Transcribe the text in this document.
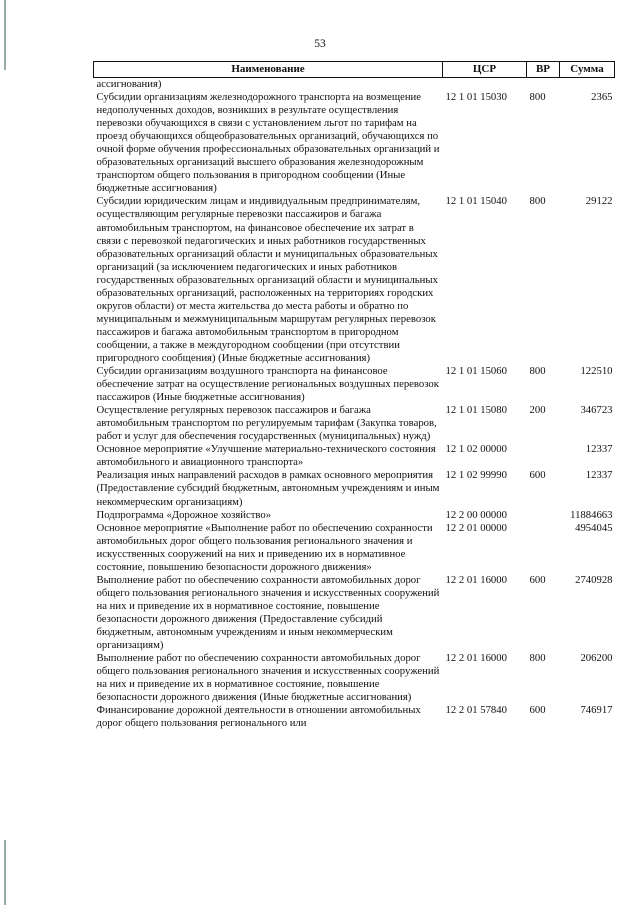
53
Наименование	ЦСР	ВР	Сумма
ассигнования)			
Субсидии организациям железнодорожного транспорта на возмещение недополученных доходов, возникших в результате осуществления перевозки обучающихся в связи с установлением льгот по тарифам на проезд обучающихся общеобразовательных организаций, обучающихся по очной форме обучения профессиональных образовательных организаций и образовательных организаций высшего образования железнодорожным транспортом общего пользования в пригородном сообщении (Иные бюджетные ассигнования)	12 1 01 15030	800	2365
Субсидии юридическим лицам и индивидуальным предпринимателям, осуществляющим регулярные перевозки пассажиров и багажа автомобильным транспортом, на финансовое обеспечение их затрат в связи с перевозкой педагогических и иных работников государственных образовательных организаций области и муниципальных образовательных организаций (за исключением педагогических и иных работников государственных образовательных организаций области и муниципальных образовательных организаций, расположенных на территориях городских округов области) от места жительства до места работы и обратно по муниципальным и межмуниципальным маршрутам регулярных перевозок пассажиров и багажа автомобильным транспортом в пригородном сообщении, а также в междугородном сообщении (при отсутствии пригородного сообщения) (Иные бюджетные ассигнования)	12 1 01 15040	800	29122
Субсидии организациям воздушного транспорта на финансовое обеспечение затрат на осуществление региональных воздушных перевозок пассажиров (Иные бюджетные ассигнования)	12 1 01 15060	800	122510
Осуществление регулярных перевозок пассажиров и багажа автомобильным транспортом по регулируемым тарифам (Закупка товаров, работ и услуг для обеспечения государственных (муниципальных) нужд)	12 1 01 15080	200	346723
Основное мероприятие «Улучшение материально-технического состояния автомобильного и авиационного транспорта»	12 1 02 00000		12337
Реализация иных направлений расходов в рамках основного мероприятия (Предоставление субсидий бюджетным, автономным учреждениям и иным некоммерческим организациям)	12 1 02 99990	600	12337
Подпрограмма «Дорожное хозяйство»	12 2 00 00000		11884663
Основное мероприятие «Выполнение работ по обеспечению сохранности автомобильных дорог общего пользования регионального значения и искусственных сооружений на них и приведению их в нормативное состояние, повышению безопасности дорожного движения»	12 2 01 00000		4954045
Выполнение работ по обеспечению сохранности автомобильных дорог общего пользования регионального значения и искусственных сооружений на них и приведение их в нормативное состояние, повышение безопасности дорожного движения (Предоставление субсидий бюджетным, автономным учреждениям и иным некоммерческим организациям)	12 2 01 16000	600	2740928
Выполнение работ по обеспечению сохранности автомобильных дорог общего пользования регионального значения и искусственных сооружений на них и приведение их в нормативное состояние, повышение безопасности дорожного движения (Иные бюджетные ассигнования)	12 2 01 16000	800	206200
Финансирование дорожной деятельности в отношении автомобильных дорог общего пользования регионального или	12 2 01 57840	600	746917
